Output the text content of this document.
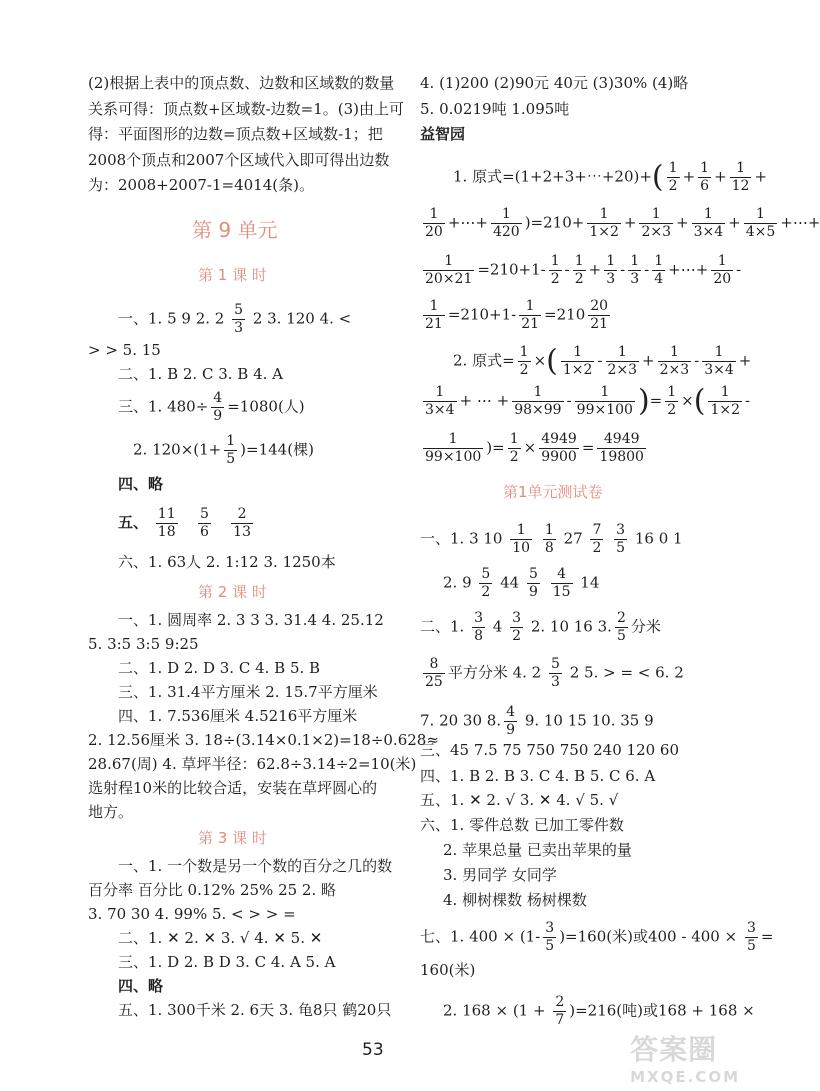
(2)根据上表中的顶点数、边数和区域数的数量
关系可得：顶点数+区域数-边数=1。(3)由上可
得：平面图形的边数=顶点数+区域数-1；把
2008个顶点和2007个区域代入即可得出边数
为：2008+2007-1=4014(条)。
第 9 单元
第 1 课 时
一、1. 5 9 2. $2 \frac{5}{3} 2$ 3. 120 4. <
> > 5. 15
二、1. B 2. C 3. B 4. A
三、1. $480\div \frac{4}{9} =1080$(人)
2. $120\times(1+ \frac{1}{5} )=144$(棵)
四、略
五、 $\frac{11}{18}$
$\frac{5}{6}$
$\frac{2}{13}$
六、1. 63人 2. 1:12 3. 1250本
第 2 课 时
一、1. 圆周率 2. 3 3 3. 31.4 4. 25.12
5. 3:5 3:5 9:25
二、1. D 2. D 3. C 4. B 5. B
三、1. 31.4平方厘米 2. 15.7平方厘米
四、1. 7.536厘米 4.5216平方厘米
2. 12.56厘米 3. 18÷(3.14×0.1×2)=18÷0.628≈
28.67(周) 4. 草坪半径：62.8÷3.14÷2=10(米)
选射程10米的比较合适，安装在草坪圆心的
地方。
第 3 课 时
一、1. 一个数是另一个数的百分之几的数
百分率 百分比 0.12% 25% 25 2. 略
3. 70 30 4. 99% 5. < > > =
二、1. ✕ 2. ✕ 3. √ 4. ✕ 5. ✕
三、1. D 2. B D 3. C 4. A 5. A
四、略
五、1. 300千米 2. 6天 3. 龟8只 鹤20只
4. (1)200 (2)90元 40元 (3)30% (4)略
5. 0.0219吨 1.095吨
益智园
1. 原式=(1+2+3+⋯+20)+( $\frac{1}{2} + \frac{1}{6} + \frac{1}{12}$ +
$\frac{1}{20}$ +⋯+ $\frac{1}{420} )=210+ \frac{1}{1\times 2} + \frac{1}{2\times 3} + \frac{1}{3\times 4} + \frac{1}{4\times 5}$ +⋯+
$\frac{1}{20\times 21} =210+1- \frac{1}{2} - \frac{1}{2} + \frac{1}{3} - \frac{1}{3} - \frac{1}{4}$ +⋯+ $\frac{1}{20}$ -
$\frac{1}{21} =210+1- \frac{1}{21} =210 \frac{20}{21}$
2. 原式= $\frac{1}{2}$ ×( $\frac{1}{1\times 2} - \frac{1}{2\times 3} + \frac{1}{2\times 3} - \frac{1}{3\times 4}$ +
$\frac{1}{3\times 4}$ + ⋯ + $\frac{1}{98\times 99} - \frac{1}{99\times 100}$ )= $\frac{1}{2}$ ×( $\frac{1}{1\times 2}$ -
$\frac{1}{99\times 100}$ )= $\frac{1}{2} \times \frac{4949}{9900} = \frac{4949}{19800}$
第1单元测试卷
一、1. 3 $10 \frac{1}{10}$
$\frac{1}{8} 27 \frac{7}{2}$
$\frac{3}{5} 16$ 0 1
2. $9 \frac{5}{2} 44 \frac{5}{9}$
$\frac{4}{15} 14$
二、1. $\frac{3}{8} 4 \frac{3}{2} 2$. 10 16 3. $\frac{2}{5}$ 分米
$\frac{8}{25}$ 平方分米 4. $2 \frac{5}{3} 2$ 5. > = < 6. 2
7. 20 30 8. $\frac{4}{9} 9$. 10 15 10. 35 9
三、45 7.5 75 750 750 240 120 60
四、1. B 2. B 3. C 4. B 5. C 6. A
五、1. ✕ 2. √ 3. ✕ 4. √ 5. √
六、1. 零件总数 已加工零件数
2. 苹果总量 已卖出苹果的量
3. 男同学 女同学
4. 柳树棵数 杨树棵数
七、1. $400 \times (1- \frac{3}{5} )=160$(米)或$400 - 400 \times \frac{3}{5}$ =
160(米)
2. $168 \times (1 + \frac{2}{7} )=216$(吨)或168 + 168 ×
53	答案圈
MXQE.COM
